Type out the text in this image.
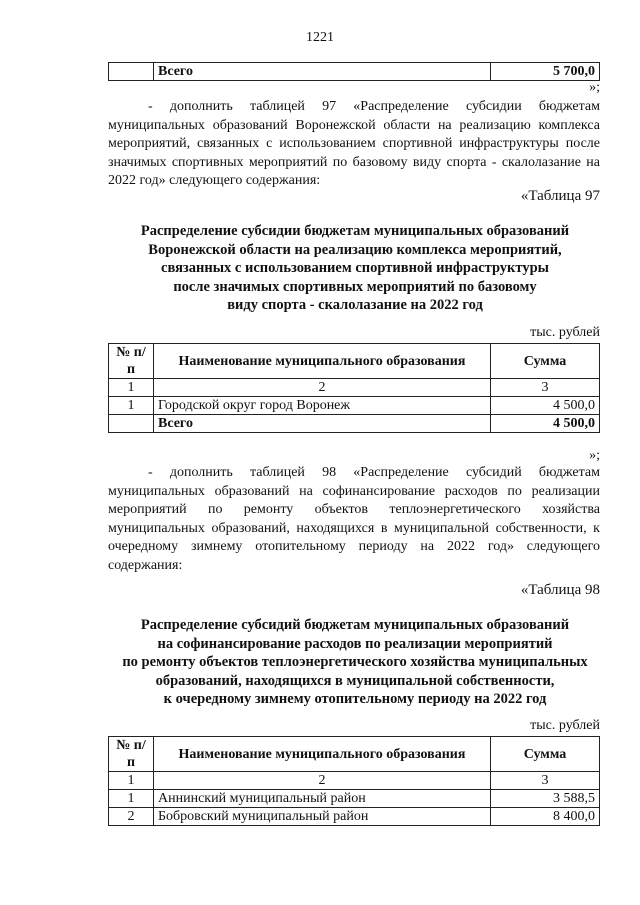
1221
	Всего	5 700,0
»;

- дополнить таблицей 97 «Распределение субсидии бюджетам муниципальных образований Воронежской области на реализацию комплекса мероприятий, связанных с использованием спортивной инфраструктуры после значимых спортивных мероприятий по базовому виду спорта - скалолазание на 2022 год» следующего содержания:

«Таблица 97
Распределение субсидии бюджетам муниципальных образований
Воронежской области на реализацию комплекса мероприятий,
связанных с использованием спортивной инфраструктуры
после значимых спортивных мероприятий по базовому
виду спорта - скалолазание на 2022 год
тыс. рублей
№ п/п	Наименование муниципального образования	Сумма
1	2	3
1	Городской округ город Воронеж	4 500,0
	Всего	4 500,0
»;

- дополнить таблицей 98 «Распределение субсидий бюджетам муниципальных образований на софинансирование расходов по реализации мероприятий по ремонту объектов теплоэнергетического хозяйства муниципальных образований, находящихся в муниципальной собственности, к очередному зимнему отопительному периоду на 2022 год» следующего содержания:

«Таблица 98
Распределение субсидий бюджетам муниципальных образований
на софинансирование расходов по реализации мероприятий
по ремонту объектов теплоэнергетического хозяйства муниципальных
образований, находящихся в муниципальной собственности,
к очередному зимнему отопительному периоду на 2022 год
тыс. рублей
№ п/п	Наименование муниципального образования	Сумма
1	2	3
1	Аннинский муниципальный район	3 588,5
2	Бобровский муниципальный район	8 400,0
